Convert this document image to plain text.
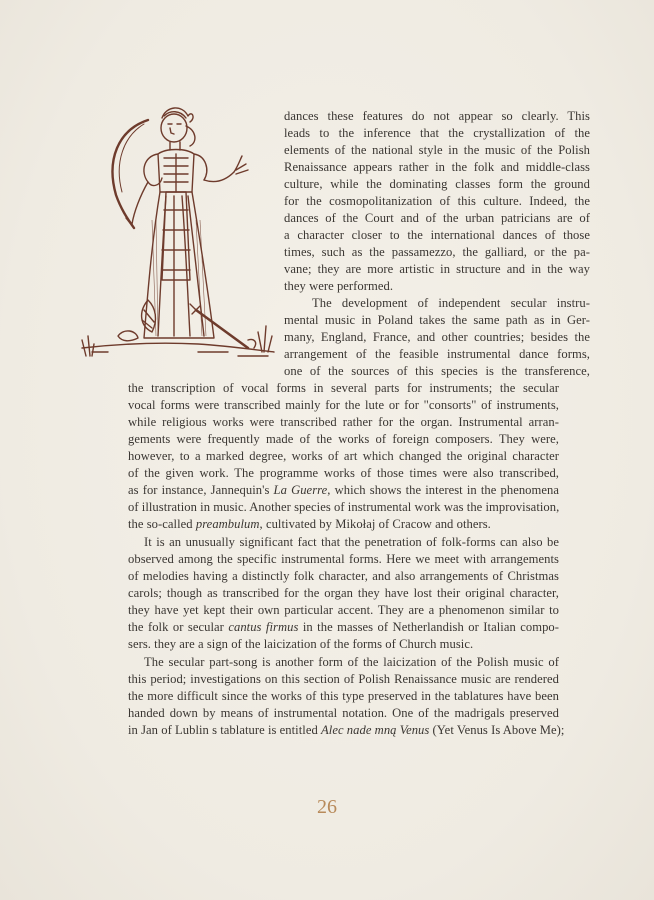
dances these features do not appear so clearly. This
leads to the inference that the crystallization of the
elements of the national style in the music of the Polish
Renaissance appears rather in the folk and middle-class
culture, while the dominating classes form the ground
for the cosmopolitanization of this culture. Indeed, the
dances of the Court and of the urban patricians are of
a character closer to the international dances of those
times, such as the passamezzo, the galliard, or the pa-
vane; they are more artistic in structure and in the way
they were performed.
The development of independent secular instru-
mental music in Poland takes the same path as in Ger-
many, England, France, and other countries; besides the
arrangement of the feasible instrumental dance forms,
one of the sources of this species is the transference,
the transcription of vocal forms in several parts for instruments; the secular
vocal forms were transcribed mainly for the lute or for "consorts" of instruments,
while religious works were transcribed rather for the organ. Instrumental arran-
gements were frequently made of the works of foreign composers. They were,
however, to a marked degree, works of art which changed the original character
of the given work. The programme works of those times were also transcribed,
as for instance, Jannequin's La Guerre, which shows the interest in the phenomena
of illustration in music. Another species of instrumental work was the improvisation,
the so-called preambulum, cultivated by Mikołaj of Cracow and others.
It is an unusually significant fact that the penetration of folk-forms can also be
observed among the specific instrumental forms. Here we meet with arrangements
of melodies having a distinctly folk character, and also arrangements of Christmas
carols; though as transcribed for the organ they have lost their original character,
they have yet kept their own particular accent. They are a phenomenon similar to
the folk or secular cantus firmus in the masses of Netherlandish or Italian compo-
sers. they are a sign of the laicization of the forms of Church music.
The secular part-song is another form of the laicization of the Polish music of
this period; investigations on this section of Polish Renaissance music are rendered
the more difficult since the works of this type preserved in the tablatures have been
handed down by means of instrumental notation. One of the madrigals preserved
in Jan of Lublin s tablature is entitled Alec nade mną Venus (Yet Venus Is Above Me);
26
